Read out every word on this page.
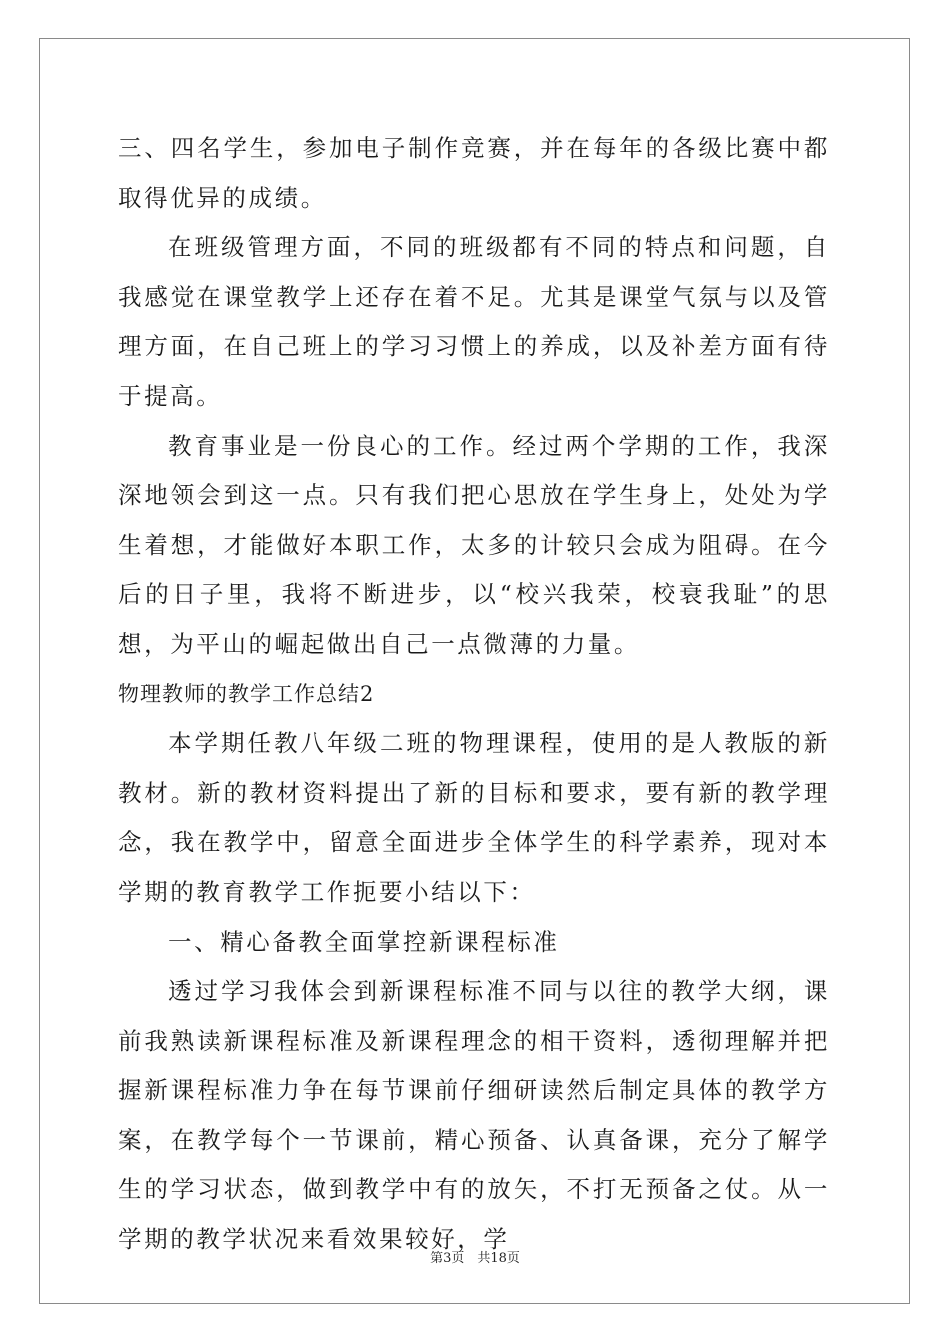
三、四名学生，参加电子制作竞赛，并在每年的各级比赛中都取得优异的成绩。

在班级管理方面，不同的班级都有不同的特点和问题，自我感觉在课堂教学上还存在着不足。尤其是课堂气氛与以及管理方面，在自己班上的学习习惯上的养成，以及补差方面有待于提高。

教育事业是一份良心的工作。经过两个学期的工作，我深深地领会到这一点。只有我们把心思放在学生身上，处处为学生着想，才能做好本职工作，太多的计较只会成为阻碍。在今后的日子里，我将不断进步，以“校兴我荣，校衰我耻”的思想，为平山的崛起做出自己一点微薄的力量。

物理教师的教学工作总结2

本学期任教八年级二班的物理课程，使用的是人教版的新教材。新的教材资料提出了新的目标和要求，要有新的教学理念，我在教学中，留意全面进步全体学生的科学素养，现对本学期的教育教学工作扼要小结以下：

一、精心备教全面掌控新课程标准

透过学习我体会到新课程标准不同与以往的教学大纲，课前我熟读新课程标准及新课程理念的相干资料，透彻理解并把握新课程标准力争在每节课前仔细研读然后制定具体的教学方案，在教学每个一节课前，精心预备、认真备课，充分了解学生的学习状态，做到教学中有的放矢，不打无预备之仗。从一学期的教学状况来看效果较好，学

第3页　共18页
